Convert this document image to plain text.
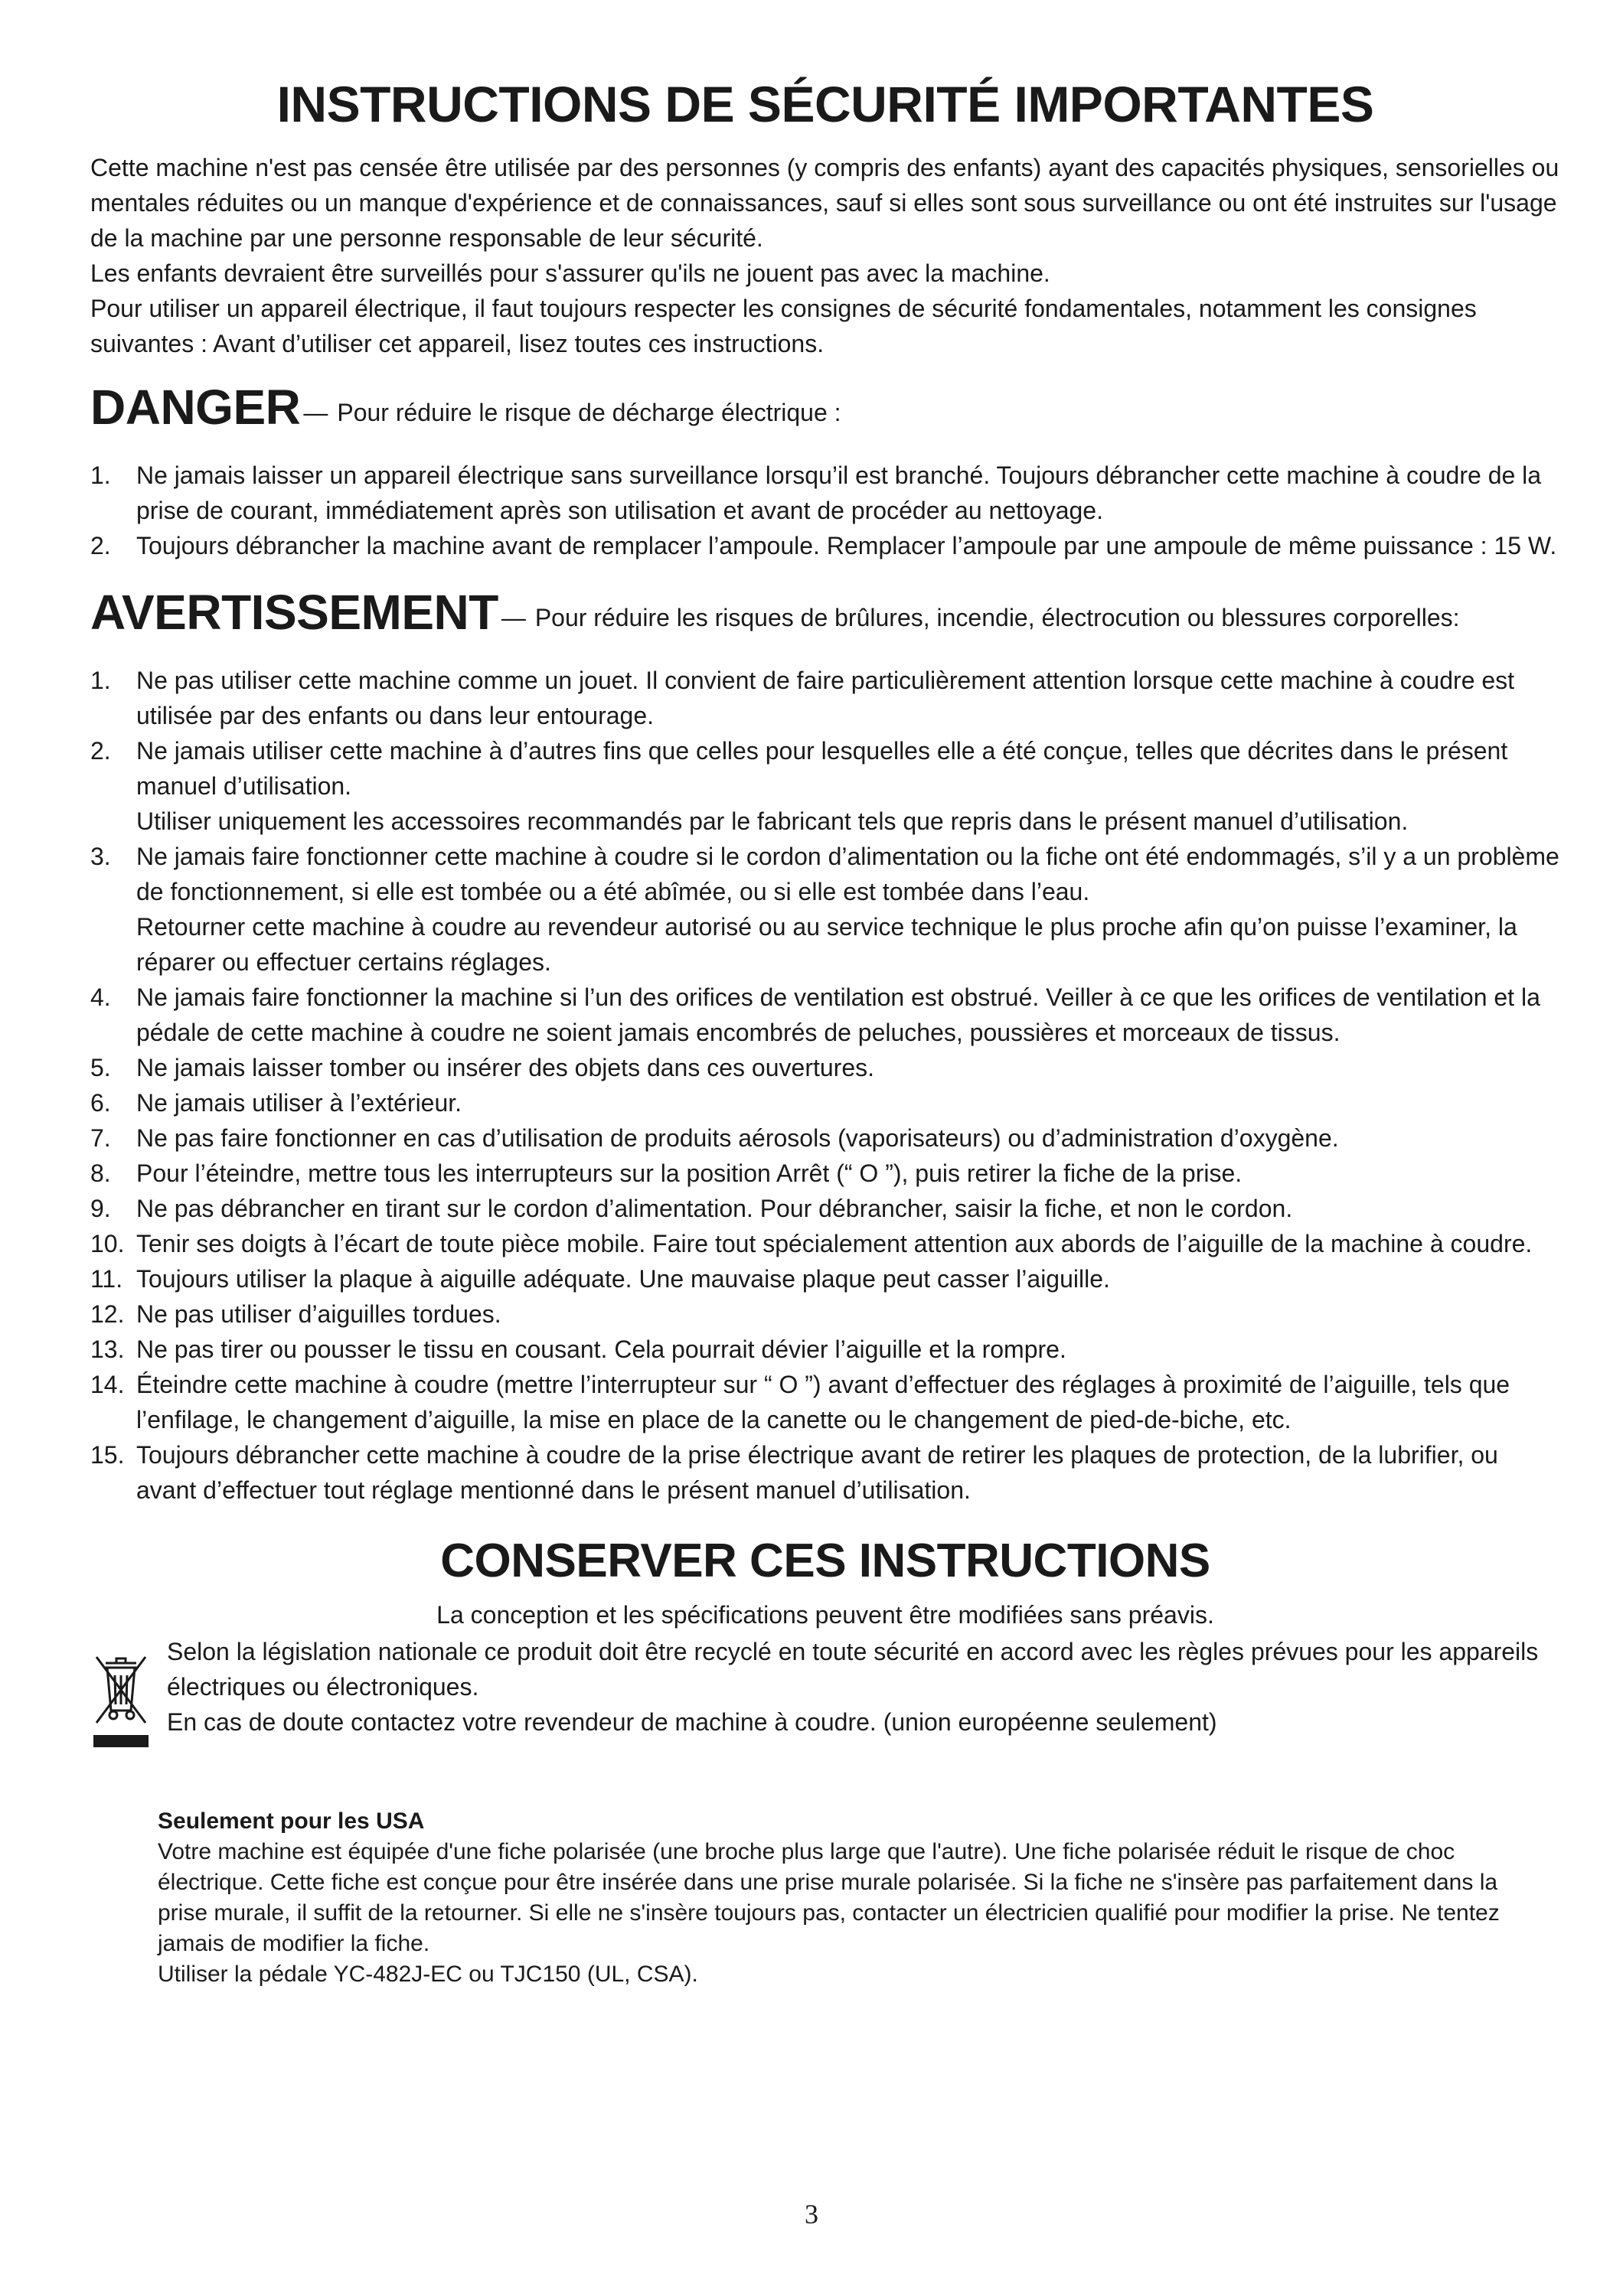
INSTRUCTIONS DE SÉCURITÉ IMPORTANTES

Cette machine n'est pas censée être utilisée par des personnes (y compris des enfants) ayant des capacités physiques, sensorielles ou mentales réduites ou un manque d'expérience et de connaissances, sauf si elles sont sous surveillance ou ont été instruites sur l'usage de la machine par une personne responsable de leur sécurité.

Les enfants devraient être surveillés pour s'assurer qu'ils ne jouent pas avec la machine.

Pour utiliser un appareil électrique, il faut toujours respecter les consignes de sécurité fondamentales, notamment les consignes suivantes : Avant d’utiliser cet appareil, lisez toutes ces instructions.

DANGER — Pour réduire le risque de décharge électrique :
1.	Ne jamais laisser un appareil électrique sans surveillance lorsqu’il est branché. Toujours débrancher cette machine à coudre de la prise de courant, immédiatement après son utilisation et avant de procéder au nettoyage.
2.	Toujours débrancher la machine avant de remplacer l’ampoule. Remplacer l’ampoule par une ampoule de même puissance : 15 W.
AVERTISSEMENT — Pour réduire les risques de brûlures, incendie, électrocution ou blessures corporelles:
1.	Ne pas utiliser cette machine comme un jouet. Il convient de faire particulièrement attention lorsque cette machine à coudre est utilisée par des enfants ou dans leur entourage.
2.	Ne jamais utiliser cette machine à d’autres fins que celles pour lesquelles elle a été conçue, telles que décrites dans le présent manuel d’utilisation.
Utiliser uniquement les accessoires recommandés par le fabricant tels que repris dans le présent manuel d’utilisation.
3.	Ne jamais faire fonctionner cette machine à coudre si le cordon d’alimentation ou la fiche ont été endommagés, s’il y a un problème de fonctionnement, si elle est tombée ou a été abîmée, ou si elle est tombée dans l’eau.
Retourner cette machine à coudre au revendeur autorisé ou au service technique le plus proche afin qu’on puisse l’examiner, la réparer ou effectuer certains réglages.
4.	Ne jamais faire fonctionner la machine si l’un des orifices de ventilation est obstrué. Veiller à ce que les orifices de ventilation et la pédale de cette machine à coudre ne soient jamais encombrés de peluches, poussières et morceaux de tissus.
5.	Ne jamais laisser tomber ou insérer des objets dans ces ouvertures.
6.	Ne jamais utiliser à l’extérieur.
7.	Ne pas faire fonctionner en cas d’utilisation de produits aérosols (vaporisateurs) ou d’administration d’oxygène.
8.	Pour l’éteindre, mettre tous les interrupteurs sur la position Arrêt (“ O ”), puis retirer la fiche de la prise.
9.	Ne pas débrancher en tirant sur le cordon d’alimentation. Pour débrancher, saisir la fiche, et non le cordon.
10. Tenir ses doigts à l’écart de toute pièce mobile. Faire tout spécialement attention aux abords de l’aiguille de la machine à coudre.
11. Toujours utiliser la plaque à aiguille adéquate. Une mauvaise plaque peut casser l’aiguille.
12. Ne pas utiliser d’aiguilles tordues.
13. Ne pas tirer ou pousser le tissu en cousant. Cela pourrait dévier l’aiguille et la rompre.
14. Éteindre cette machine à coudre (mettre l’interrupteur sur “ O ”) avant d’effectuer des réglages à proximité de l’aiguille, tels que l’enfilage, le changement d’aiguille, la mise en place de la canette ou le changement de pied-de-biche, etc.
15. Toujours débrancher cette machine à coudre de la prise électrique avant de retirer les plaques de protection, de la lubrifier, ou avant d’effectuer tout réglage mentionné dans le présent manuel d’utilisation.
CONSERVER CES INSTRUCTIONS

La conception et les spécifications peuvent être modifiées sans préavis.

Selon la législation nationale ce produit doit être recyclé en toute sécurité en accord avec les règles prévues pour les appareils électriques ou électroniques.

En cas de doute contactez votre revendeur de machine à coudre. (union européenne seulement)

Seulement pour les USA

Votre machine est équipée d'une fiche polarisée (une broche plus large que l'autre). Une fiche polarisée réduit le risque de choc électrique. Cette fiche est conçue pour être insérée dans une prise murale polarisée. Si la fiche ne s'insère pas parfaitement dans la prise murale, il suffit de la retourner. Si elle ne s'insère toujours pas, contacter un électricien qualifié pour modifier la prise. Ne tentez jamais de modifier la fiche.

Utiliser la pédale YC-482J-EC ou TJC150 (UL, CSA).

3
